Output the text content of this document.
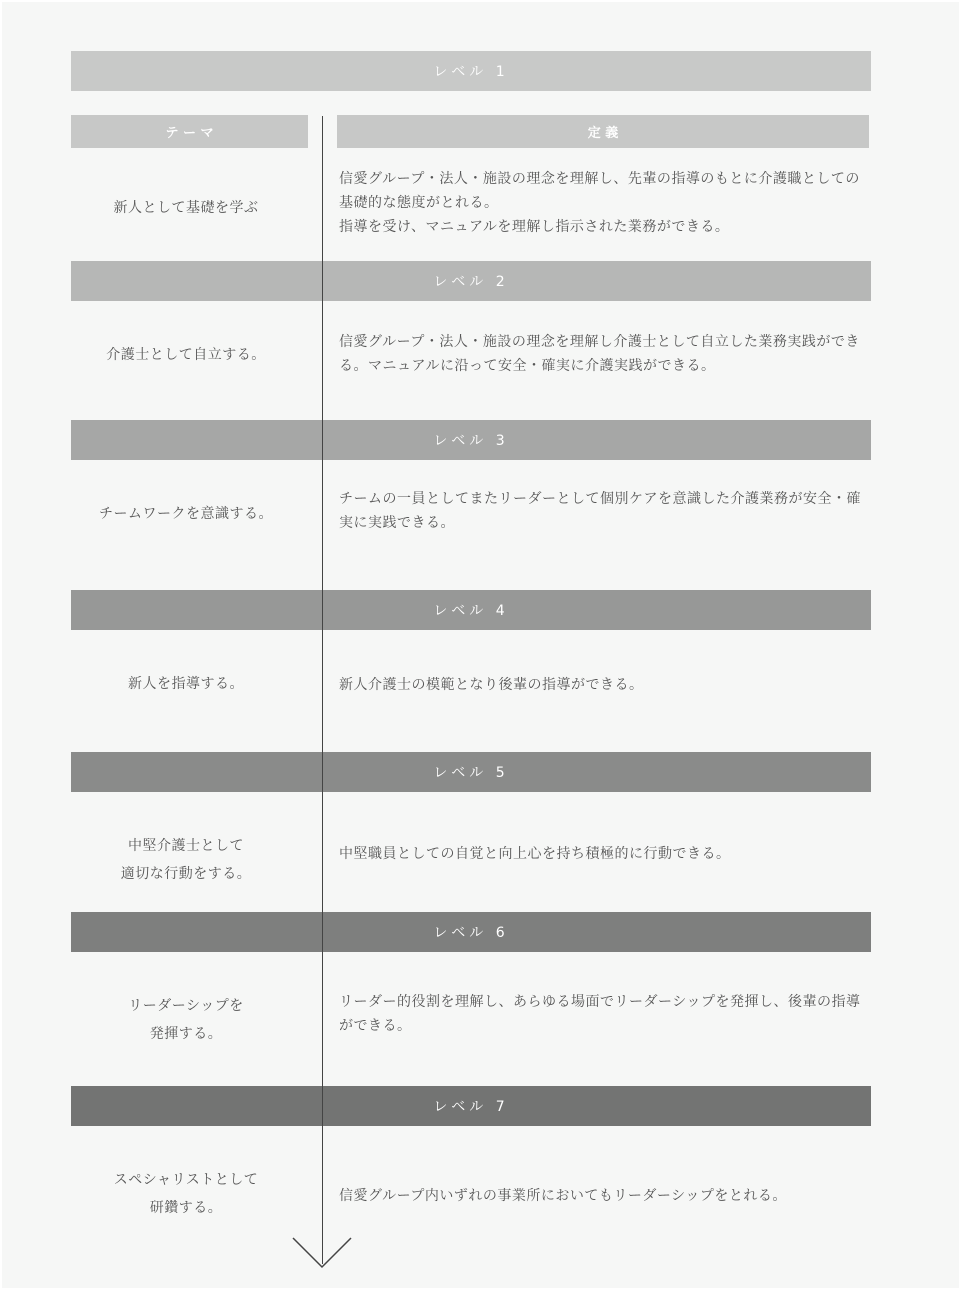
レベル 1
新人として基礎を学ぶ

信愛グループ・法人・施設の理念を理解し、先輩の指導のもとに介護職としての基礎的な態度がとれる。

指導を受け、マニュアルを理解し指示された業務ができる。

レベル 2
介護士として自立する。

信愛グループ・法人・施設の理念を理解し介護士として自立した業務実践ができる。マニュアルに沿って安全・確実に介護実践ができる。

レベル 3
チームワークを意識する。

チームの一員としてまたリーダーとして個別ケアを意識した介護業務が安全・確実に実践できる。

レベル 4
新人を指導する。	新人介護士の模範となり後輩の指導ができる。

レベル 5
中堅介護士として
適切な行動をする。

中堅職員としての自覚と向上心を持ち積極的に行動できる。

レベル 6
リーダーシップを
発揮する。

リーダー的役割を理解し、あらゆる場面でリーダーシップを発揮し、後輩の指導ができる。

レベル 7
スペシャリストとして
研鑽する。

信愛グループ内いずれの事業所においてもリーダーシップをとれる。

テ ー マ	定 義
